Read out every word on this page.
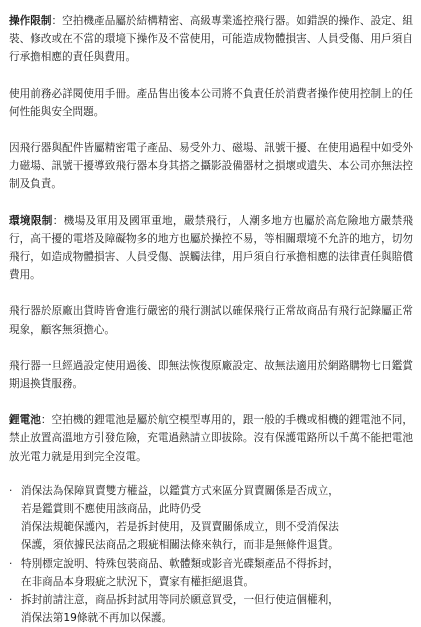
操作限制：空拍機產品屬於結構精密、高級專業遙控飛行器。如錯誤的操作、設定、組裝、修改或在不當的環境下操作及不當使用，可能造成物體損害、人員受傷、用戶須自行承擔相應的責任與費用。

使用前務必詳閱使用手冊。產品售出後本公司將不負責任於消費者操作使用控制上的任何性能與安全問題。

因飛行器與配件皆屬精密電子產品、易受外力、磁場、訊號干擾、在使用過程中如受外力磁場、訊號干擾導致飛行器本身其搭之攝影設備器材之損壞或遺失、本公司亦無法控制及負責。

環境限制：機場及軍用及國軍重地，嚴禁飛行，人潮多地方也屬於高危險地方嚴禁飛行，高干擾的電塔及障礙物多的地方也屬於操控不易，等相關環境不允許的地方，切勿飛行，如造成物體損害、人員受傷、誤觸法律，用戶須自行承擔相應的法律責任與賠償費用。

飛行器於原廠出貨時皆會進行嚴密的飛行測試以確保飛行正常故商品有飛行記錄屬正常現象，顧客無須擔心。

飛行器一旦經過設定使用過後、即無法恢復原廠設定、故無法適用於網路購物七日鑑賞期退換貨服務。

鋰電池：空拍機的鋰電池是屬於航空模型專用的，跟一般的手機或相機的鋰電池不同，禁止放置高溫地方引發危險，充電過熱請立即拔除。沒有保護電路所以千萬不能把電池放光電力就是用到完全沒電。

· 消保法為保障買賣雙方權益，以鑑賞方式來區分買賣關係是否成立，
若是鑑賞則不應使用該商品，此時仍受
消保法規範保護內，若是拆封使用，及買賣關係成立，則不受消保法
保護，須依據民法商品之瑕疵相關法條來執行，而非是無條件退貨。
· 特別標定說明、特殊包裝商品、軟體類或影音光碟類產品不得拆封，
在非商品本身瑕疵之狀況下，賣家有權拒絕退貨。
· 拆封前請注意，商品拆封試用等同於願意買受，一但行使這個權利，
消保法第19條就不再加以保護。
